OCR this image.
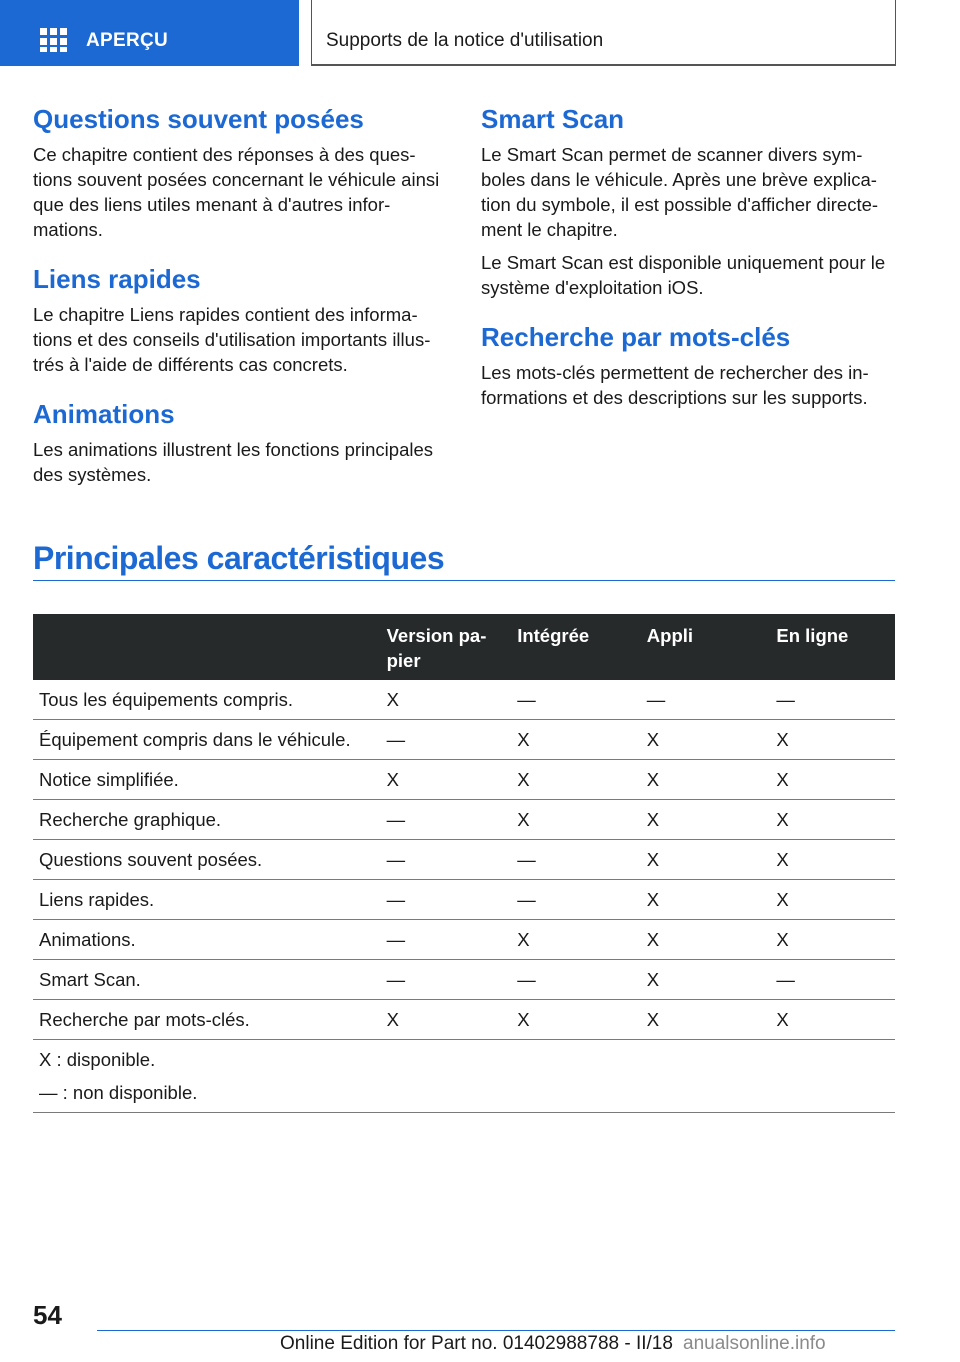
APERÇU	Supports de la notice d'utilisation
Questions souvent posées

Ce chapitre contient des réponses à des questions souvent posées concernant le véhicule ainsi que des liens utiles menant à d'autres informations.

Liens rapides

Le chapitre Liens rapides contient des informations et des conseils d'utilisation importants illustrés à l'aide de différents cas concrets.

Animations

Les animations illustrent les fonctions principales des systèmes.

Smart Scan

Le Smart Scan permet de scanner divers symboles dans le véhicule. Après une brève explication du symbole, il est possible d'afficher directement le chapitre.

Le Smart Scan est disponible uniquement pour le système d'exploitation iOS.

Recherche par mots-clés

Les mots-clés permettent de rechercher des informations et des descriptions sur les supports.

Principales caractéristiques
	Version papier	Intégrée	Appli	En ligne
Tous les équipements compris.	X	—	—	—
Équipement compris dans le véhicule.	—	X	X	X
Notice simplifiée.	X	X	X	X
Recherche graphique.	—	X	X	X
Questions souvent posées.	—	—	X	X
Liens rapides.	—	—	X	X
Animations.	—	X	X	X
Smart Scan.	—	—	X	—
Recherche par mots-clés.	X	X	X	X

X : disponible.
— : non disponible.				
54
Online Edition for Part no. 01402988788 - II/18 anualsonline.info
